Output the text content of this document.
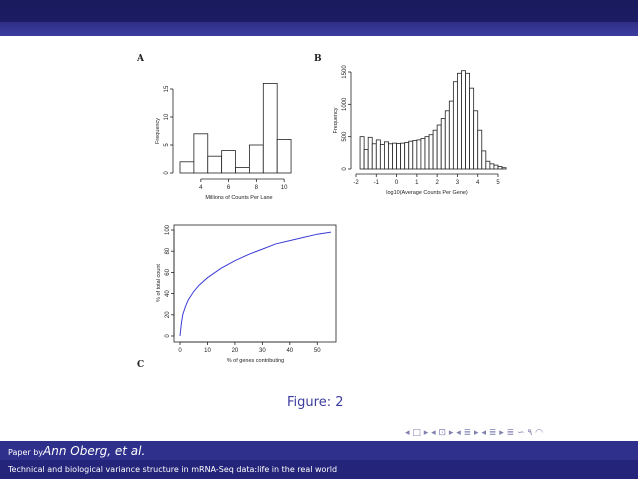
A	B
C
4	6	8	10
0
5
10
15
Millions of Counts Per Lane
Frequency
-2 -1	0	1	2	3	4	5
0
500
1000
1500
log10(Average Counts Per Gene)
Frequency
0	10	20	30	40	50
0
20
40
60
80
100
% of genes contributing
% of total count
Figure: 2
◂ □ ▸ ◂ ⊡ ▸ ◂ ≣ ▸ ◂ ≣ ▸ ≣ ∽ ۹ ◠
Paper byAnn Oberg, et al.
Technical and biological variance structure in mRNA-Seq data:life in the real world
